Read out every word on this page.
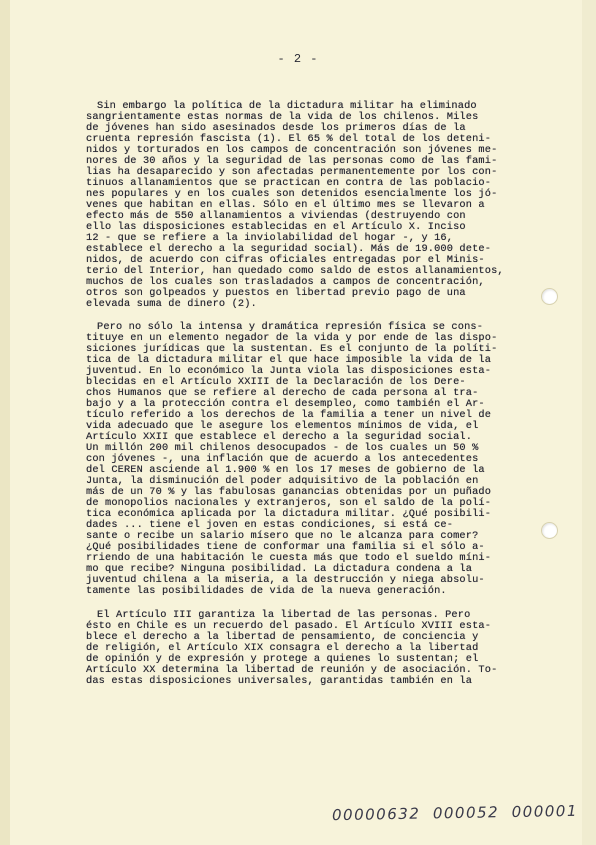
- 2 -
Sin embargo la política de la dictadura militar ha eliminado
sangrientamente estas normas de la vida de los chilenos. Miles
de jóvenes han sido asesinados desde los primeros días de la
cruenta represión fascista (1). El 65 % del total de los deteni-
nidos y torturados en los campos de concentración son jóvenes me-
nores de 30 años y la seguridad de las personas como de las fami-
lias ha desaparecido y son afectadas permanentemente por los con-
tinuos allanamientos que se practican en contra de las poblacio-
nes populares y en los cuales son detenidos esencialmente los jó-
venes que habitan en ellas. Sólo en el último mes se llevaron a
efecto más de 550 allanamientos a viviendas (destruyendo con
ello las disposiciones establecidas en el Artículo X. Inciso
12 - que se refiere a la inviolabilidad del hogar -, y 16,
establece el derecho a la seguridad social). Más de 19.000 dete-
nidos, de acuerdo con cifras oficiales entregadas por el Minis-
terio del Interior, han quedado como saldo de estos allanamientos,
muchos de los cuales son trasladados a campos de concentración,
otros son golpeados y puestos en libertad previo pago de una
elevada suma de dinero (2).
Pero no sólo la intensa y dramática represión física se cons-
tituye en un elemento negador de la vida y por ende de las dispo-
siciones jurídicas que la sustentan. Es el conjunto de la políti-
tica de la dictadura militar el que hace imposible la vida de la
juventud. En lo económico la Junta viola las disposiciones esta-
blecidas en el Artículo XXIII de la Declaración de los Dere-
chos Humanos que se refiere al derecho de cada persona al tra-
bajo y a la protección contra el desempleo, como también el Ar-
tículo referido a los derechos de la familia a tener un nivel de
vida adecuado que le asegure los elementos mínimos de vida, el
Artículo XXII que establece el derecho a la seguridad social.
Un millón 200 mil chilenos desocupados - de los cuales un 50 %
con jóvenes -, una inflación que de acuerdo a los antecedentes
del CEREN asciende al 1.900 % en los 17 meses de gobierno de la
Junta, la disminución del poder adquisitivo de la población en
más de un 70 % y las fabulosas ganancias obtenidas por un puñado
de monopolios nacionales y extranjeros, son el saldo de la polí-
tica económica aplicada por la dictadura militar. ¿Qué posibili-
dades ... tiene el joven en estas condiciones, si está ce-
sante o recibe un salario mísero que no le alcanza para comer?
¿Qué posibilidades tiene de conformar una familia si el sólo a-
rriendo de una habitación le cuesta más que todo el sueldo míni-
mo que recibe? Ninguna posibilidad. La dictadura condena a la
juventud chilena a la miseria, a la destrucción y niega absolu-
tamente las posibilidades de vida de la nueva generación.
El Artículo III garantiza la libertad de las personas. Pero
ésto en Chile es un recuerdo del pasado. El Artículo XVIII esta-
blece el derecho a la libertad de pensamiento, de conciencia y
de religión, el Artículo XIX consagra el derecho a la libertad
de opinión y de expresión y protege a quienes lo sustentan; el
Artículo XX determina la libertad de reunión y de asociación. To-
das estas disposiciones universales, garantidas también en la
00000632  000052  000001
